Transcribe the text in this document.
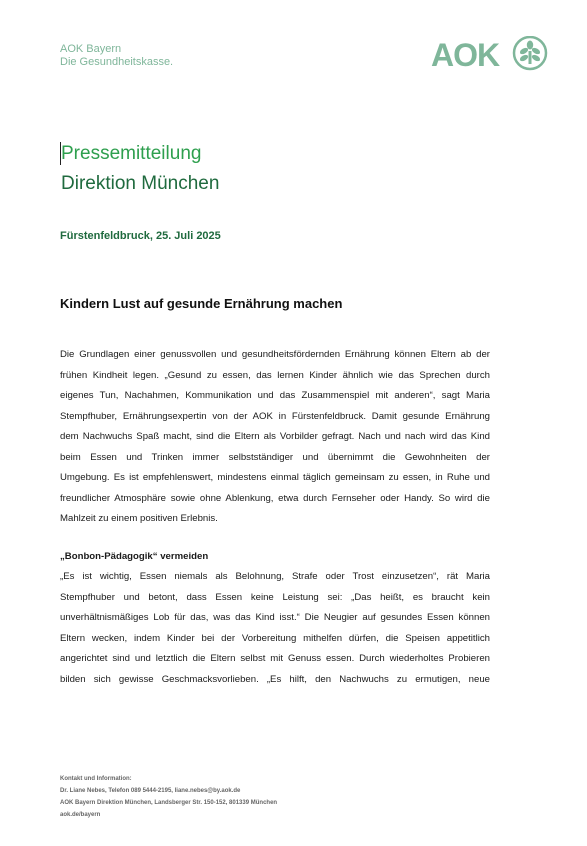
AOK Bayern
Die Gesundheitskasse.	AOK
Pressemitteilung
Direktion München
Fürstenfeldbruck, 25. Juli 2025
Kindern Lust auf gesunde Ernährung machen
Die Grundlagen einer genussvollen und gesundheitsfördernden Ernährung können Eltern ab der
frühen Kindheit legen. „Gesund zu essen, das lernen Kinder ähnlich wie das Sprechen durch
eigenes Tun, Nachahmen, Kommunikation und das Zusammenspiel mit anderen“, sagt Maria
Stempfhuber, Ernährungsexpertin von der AOK in Fürstenfeldbruck. Damit gesunde Ernährung
dem Nachwuchs Spaß macht, sind die Eltern als Vorbilder gefragt. Nach und nach wird das Kind
beim Essen und Trinken immer selbstständiger und übernimmt die Gewohnheiten der
Umgebung. Es ist empfehlenswert, mindestens einmal täglich gemeinsam zu essen, in Ruhe und
freundlicher Atmosphäre sowie ohne Ablenkung, etwa durch Fernseher oder Handy. So wird die
Mahlzeit zu einem positiven Erlebnis.
„Bonbon-Pädagogik“ vermeiden
„Es ist wichtig, Essen niemals als Belohnung, Strafe oder Trost einzusetzen“, rät Maria
Stempfhuber und betont, dass Essen keine Leistung sei: „Das heißt, es braucht kein
unverhältnismäßiges Lob für das, was das Kind isst.“ Die Neugier auf gesundes Essen können
Eltern wecken, indem Kinder bei der Vorbereitung mithelfen dürfen, die Speisen appetitlich
angerichtet sind und letztlich die Eltern selbst mit Genuss essen. Durch wiederholtes Probieren
bilden sich gewisse Geschmacksvorlieben. „Es hilft, den Nachwuchs zu ermutigen, neue
Kontakt und Information:
Dr. Liane Nebes, Telefon 089 5444-2195, liane.nebes@by.aok.de
AOK Bayern Direktion München, Landsberger Str. 150-152, 801339 München
aok.de/bayern
